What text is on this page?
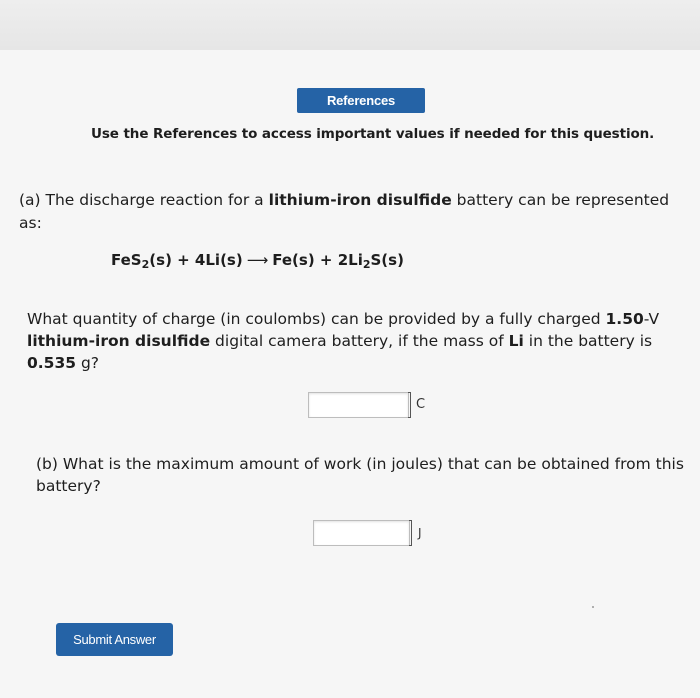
References
Use the References to access important values if needed for this question.

(a) The discharge reaction for a lithium-iron disulfide battery can be represented as:

FeS$_2$(s) + 4Li(s) ⟶ $Fe(s) + 2Li_2S(s)$

What quantity of charge (in coulombs) can be provided by a fully charged 1.50-V lithium-iron disulfide digital camera battery, if the mass of Li in the battery is 0.535 g?

C

(b) What is the maximum amount of work (in joules) that can be obtained from this battery?

J
Submit Answer
